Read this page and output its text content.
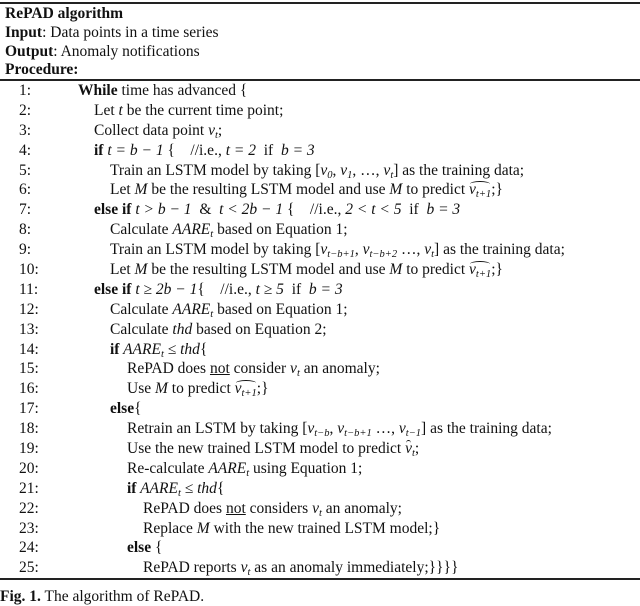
RePAD algorithm
Input: Data points in a time series
Output: Anomaly notifications
Procedure:
1:	While time has advanced {
2:	Let t be the current time point;
3:	Collect data point $v_t$;
4:	if t = b − 1 {    //i.e., t = 2  if  b = 3
5:	Train an LSTM model by taking [$v_0$, $v_1$, …, $v_t$] as the training data;
6:	Let M be the resulting LSTM model and use M to predict $v_{t+1}$;}
7:	else if t > b − 1  &  t < 2b − 1 {    //i.e., 2 < t < 5  if  b = 3
8:	Calculate $AARE_t$ based on Equation 1;
9:	Train an LSTM model by taking [$v_{t-b+1}$, $v_{t-b+2}$ …, $v_t$] as the training data;
10:	Let M be the resulting LSTM model and use M to predict $v_{t+1}$;}
11:	else if t ≥ 2b − 1{    //i.e., t ≥ 5  if  b = 3
12:	Calculate $AARE_t$ based on Equation 1;
13:	Calculate thd based on Equation 2;
14:	if $AARE_t \le thd${
15:	RePAD does not consider $v_t$ an anomaly;
16:	Use M to predict $v_{t+1}$;}
17:	else{
18:	Retrain an LSTM by taking [$v_{t-b}$, $v_{t-b+1}$ …, $v_{t-1}$] as the training data;
19:	Use the new trained LSTM model to predict $v_t$;
20:	Re-calculate $AARE_t$ using Equation 1;
21:	if $AARE_t \le thd${
22:	RePAD does not considers $v_t$ an anomaly;
23:	Replace M with the new trained LSTM model;}
24:	else {
25:	RePAD reports $v_t$ as an anomaly immediately;}}}}
Fig. 1. The algorithm of RePAD.
